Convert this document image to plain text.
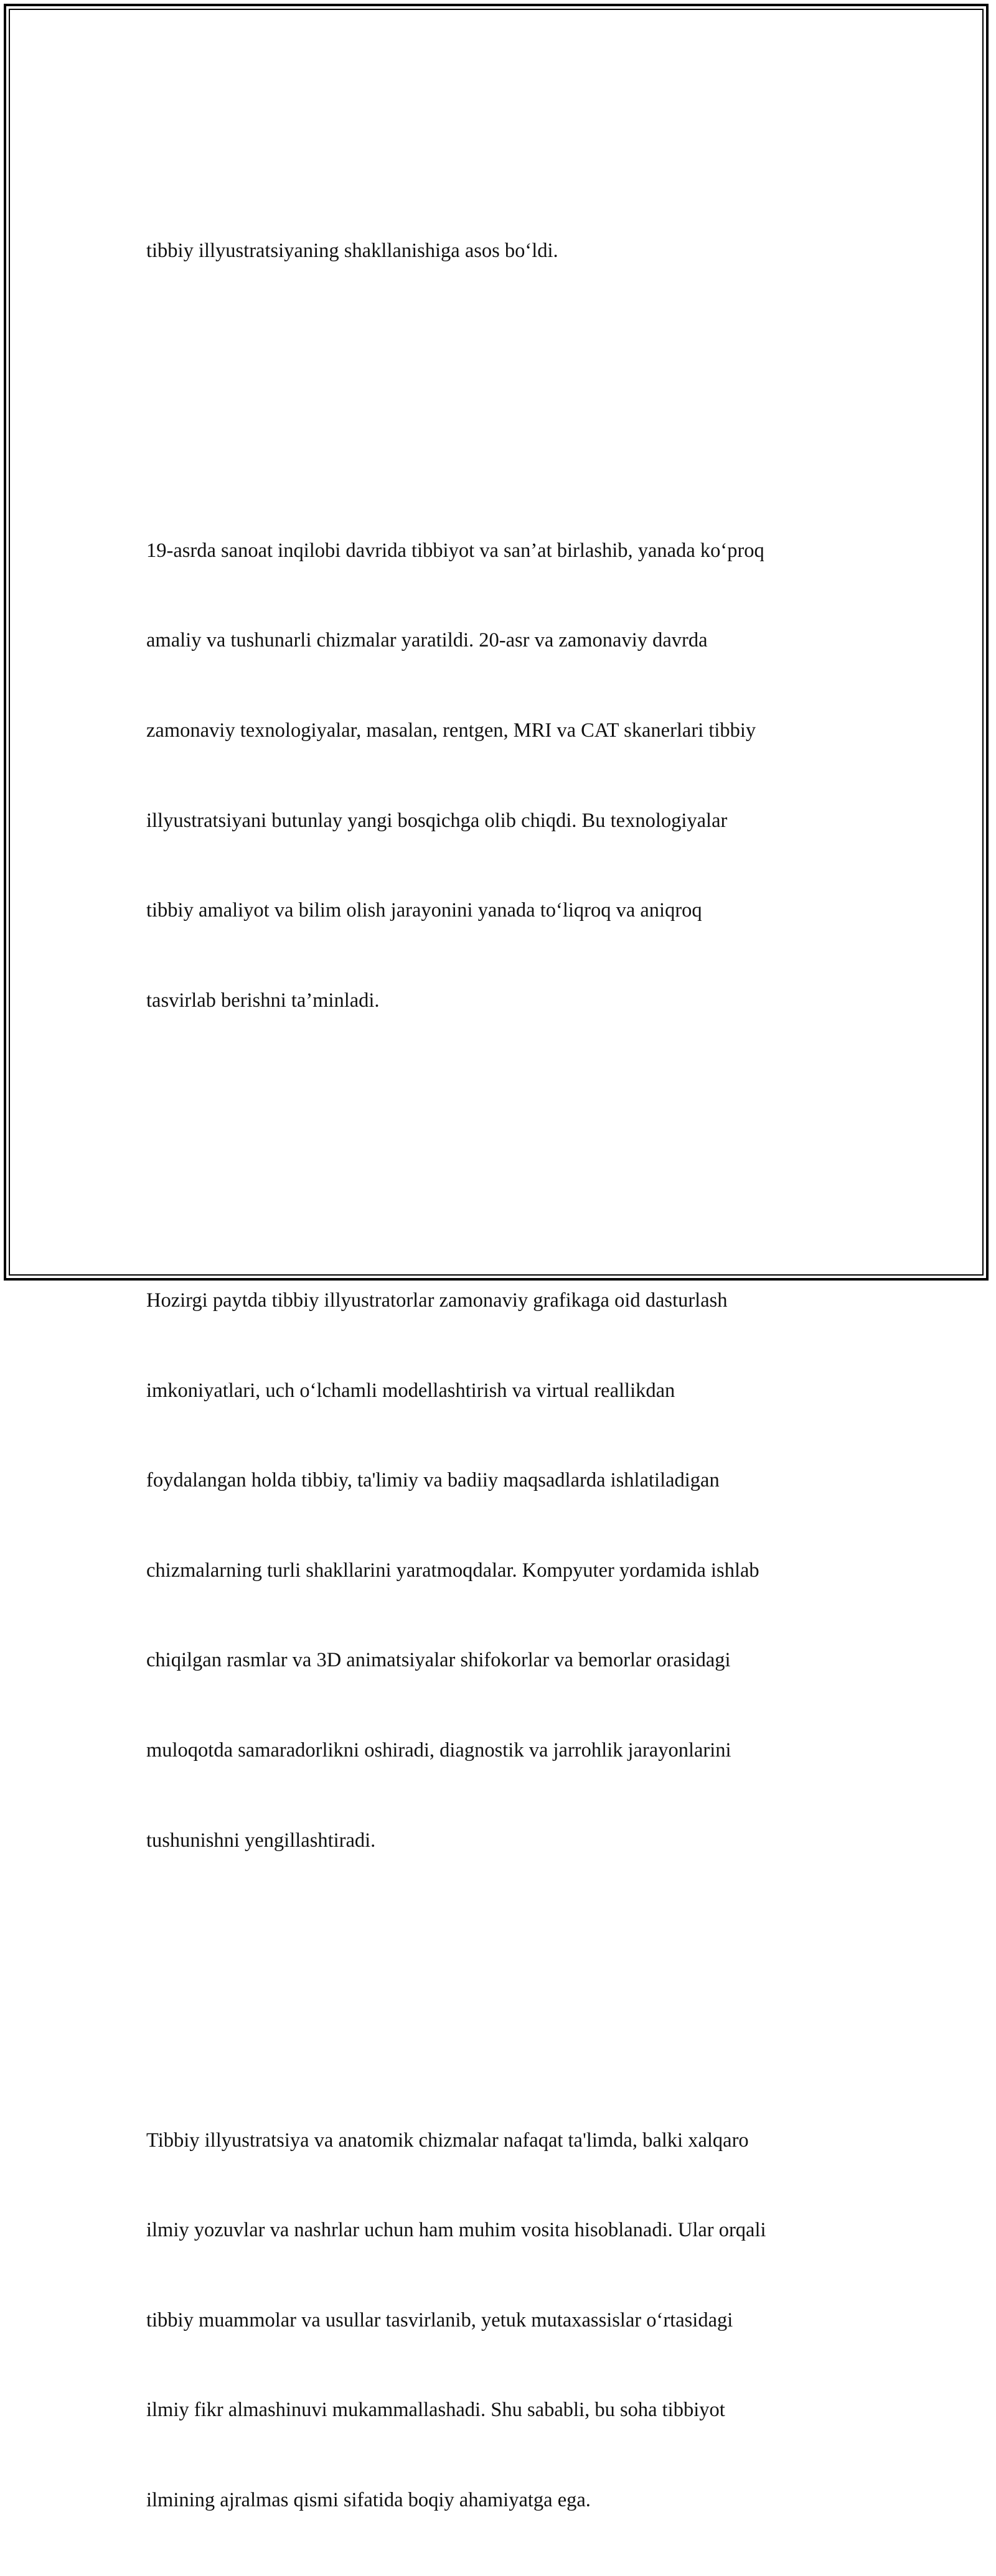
tibbiy illyustratsiyaning shakllanishiga asos bo‘ldi.

19-asrda sanoat inqilobi davrida tibbiyot va san’at birlashib, yanada ko‘proq

amaliy va tushunarli chizmalar yaratildi. 20-asr va zamonaviy davrda

zamonaviy texnologiyalar, masalan, rentgen, MRI va CAT skanerlari tibbiy

illyustratsiyani butunlay yangi bosqichga olib chiqdi. Bu texnologiyalar

tibbiy amaliyot va bilim olish jarayonini yanada to‘liqroq va aniqroq

tasvirlab berishni ta’minladi.

Hozirgi paytda tibbiy illyustratorlar zamonaviy grafikaga oid dasturlash

imkoniyatlari, uch o‘lchamli modellashtirish va virtual reallikdan

foydalangan holda tibbiy, ta'limiy va badiiy maqsadlarda ishlatiladigan

chizmalarning turli shakllarini yaratmoqdalar. Kompyuter yordamida ishlab

chiqilgan rasmlar va 3D animatsiyalar shifokorlar va bemorlar orasidagi

muloqotda samaradorlikni oshiradi, diagnostik va jarrohlik jarayonlarini

tushunishni yengillashtiradi.

Tibbiy illyustratsiya va anatomik chizmalar nafaqat ta'limda, balki xalqaro

ilmiy yozuvlar va nashrlar uchun ham muhim vosita hisoblanadi. Ular orqali

tibbiy muammolar va usullar tasvirlanib, yetuk mutaxassislar o‘rtasidagi

ilmiy fikr almashinuvi mukammallashadi. Shu sababli, bu soha tibbiyot

ilmining ajralmas qismi sifatida boqiy ahamiyatga ega.
